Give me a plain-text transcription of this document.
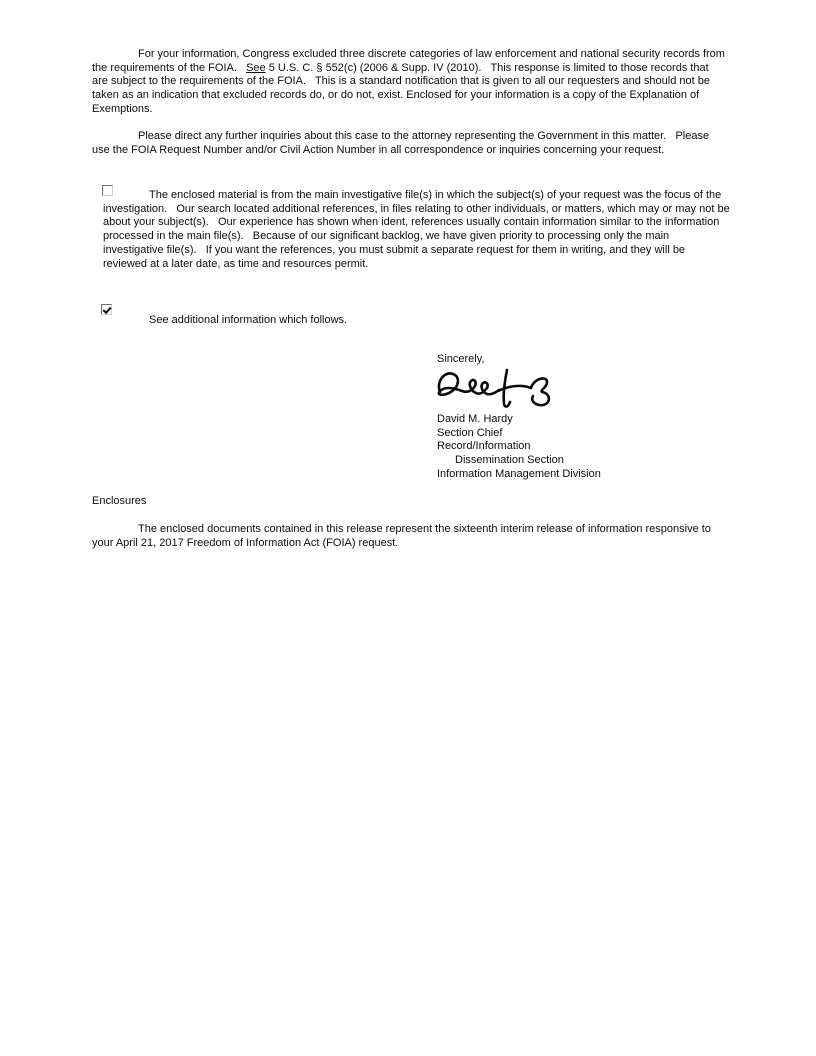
For your information, Congress excluded three discrete categories of law enforcement and national security records from the requirements of the FOIA.   See 5 U.S. C. § 552(c) (2006 & Supp. IV (2010).   This response is limited to those records that are subject to the requirements of the FOIA.   This is a standard notification that is given to all our requesters and should not be taken as an indication that excluded records do, or do not, exist. Enclosed for your information is a copy of the Explanation of Exemptions.

Please direct any further inquiries about this case to the attorney representing the Government in this matter.   Please use the FOIA Request Number and/or Civil Action Number in all correspondence or inquiries concerning your request.

The enclosed material is from the main investigative file(s) in which the subject(s) of your request was the focus of the investigation.   Our search located additional references, in files relating to other individuals, or matters, which may or may not be about your subject(s).   Our experience has shown when ident, references usually contain information similar to the information processed in the main file(s).   Because of our significant backlog, we have given priority to processing only the main investigative file(s).   If you want the references, you must submit a separate request for them in writing, and they will be reviewed at a later date, as time and resources permit.

See additional information which follows.

Sincerely,

David M. Hardy

Section Chief

Record/Information

Dissemination Section

Information Management Division

Enclosures

The enclosed documents contained in this release represent the sixteenth interim release of information responsive to your April 21, 2017 Freedom of Information Act (FOIA) request.
